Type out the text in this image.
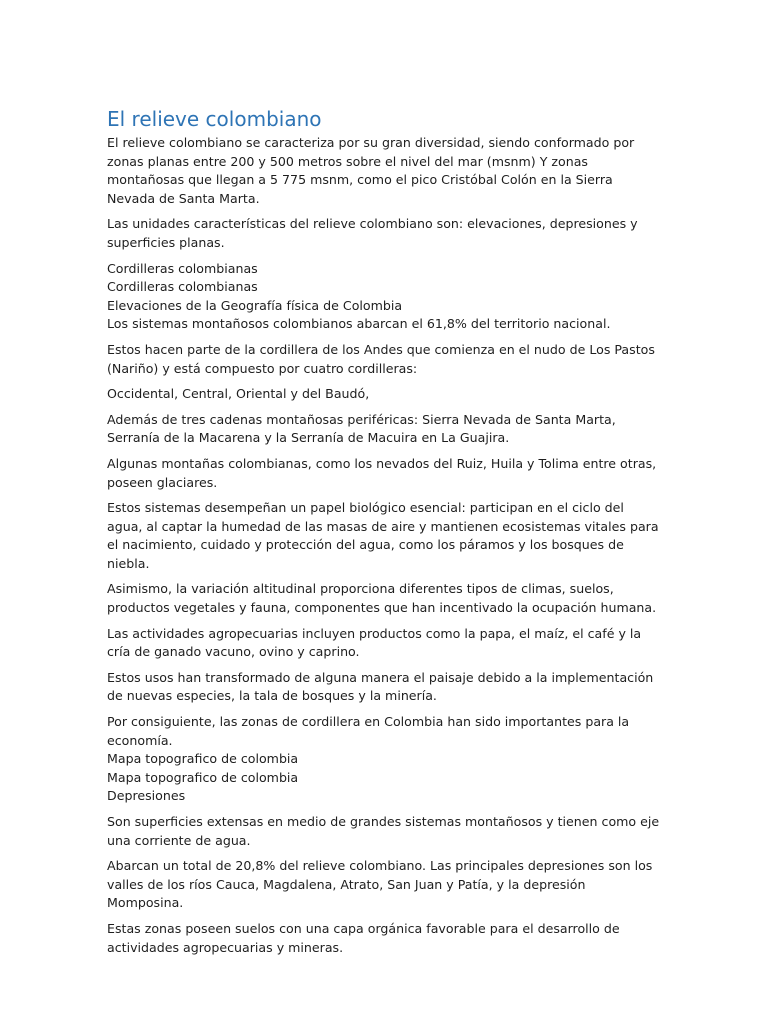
El relieve colombiano

El relieve colombiano se caracteriza por su gran diversidad, siendo conformado por zonas planas entre 200 y 500 metros sobre el nivel del mar (msnm) Y zonas montañosas que llegan a 5 775 msnm, como el pico Cristóbal Colón en la Sierra Nevada de Santa Marta.

Las unidades características del relieve colombiano son: elevaciones, depresiones y superficies planas.

Cordilleras colombianas
Cordilleras colombianas
Elevaciones de la Geografía física de Colombia
Los sistemas montañosos colombianos abarcan el 61,8% del territorio nacional.

Estos hacen parte de la cordillera de los Andes que comienza en el nudo de Los Pastos (Nariño) y está compuesto por cuatro cordilleras:

Occidental, Central, Oriental y del Baudó,

Además de tres cadenas montañosas periféricas: Sierra Nevada de Santa Marta, Serranía de la Macarena y la Serranía de Macuira en La Guajira.

Algunas montañas colombianas, como los nevados del Ruiz, Huila y Tolima entre otras, poseen glaciares.

Estos sistemas desempeñan un papel biológico esencial: participan en el ciclo del agua, al captar la humedad de las masas de aire y mantienen ecosistemas vitales para el nacimiento, cuidado y protección del agua, como los páramos y los bosques de niebla.

Asimismo, la variación altitudinal proporciona diferentes tipos de climas, suelos, productos vegetales y fauna, componentes que han incentivado la ocupación humana.

Las actividades agropecuarias incluyen productos como la papa, el maíz, el café y la cría de ganado vacuno, ovino y caprino.

Estos usos han transformado de alguna manera el paisaje debido a la implementación de nuevas especies, la tala de bosques y la minería.

Por consiguiente, las zonas de cordillera en Colombia han sido importantes para la economía.
Mapa topografico de colombia
Mapa topografico de colombia
Depresiones

Son superficies extensas en medio de grandes sistemas montañosos y tienen como eje una corriente de agua.

Abarcan un total de 20,8% del relieve colombiano. Las principales depresiones son los valles de los ríos Cauca, Magdalena, Atrato, San Juan y Patía, y la depresión Momposina.

Estas zonas poseen suelos con una capa orgánica favorable para el desarrollo de actividades agropecuarias y mineras.
